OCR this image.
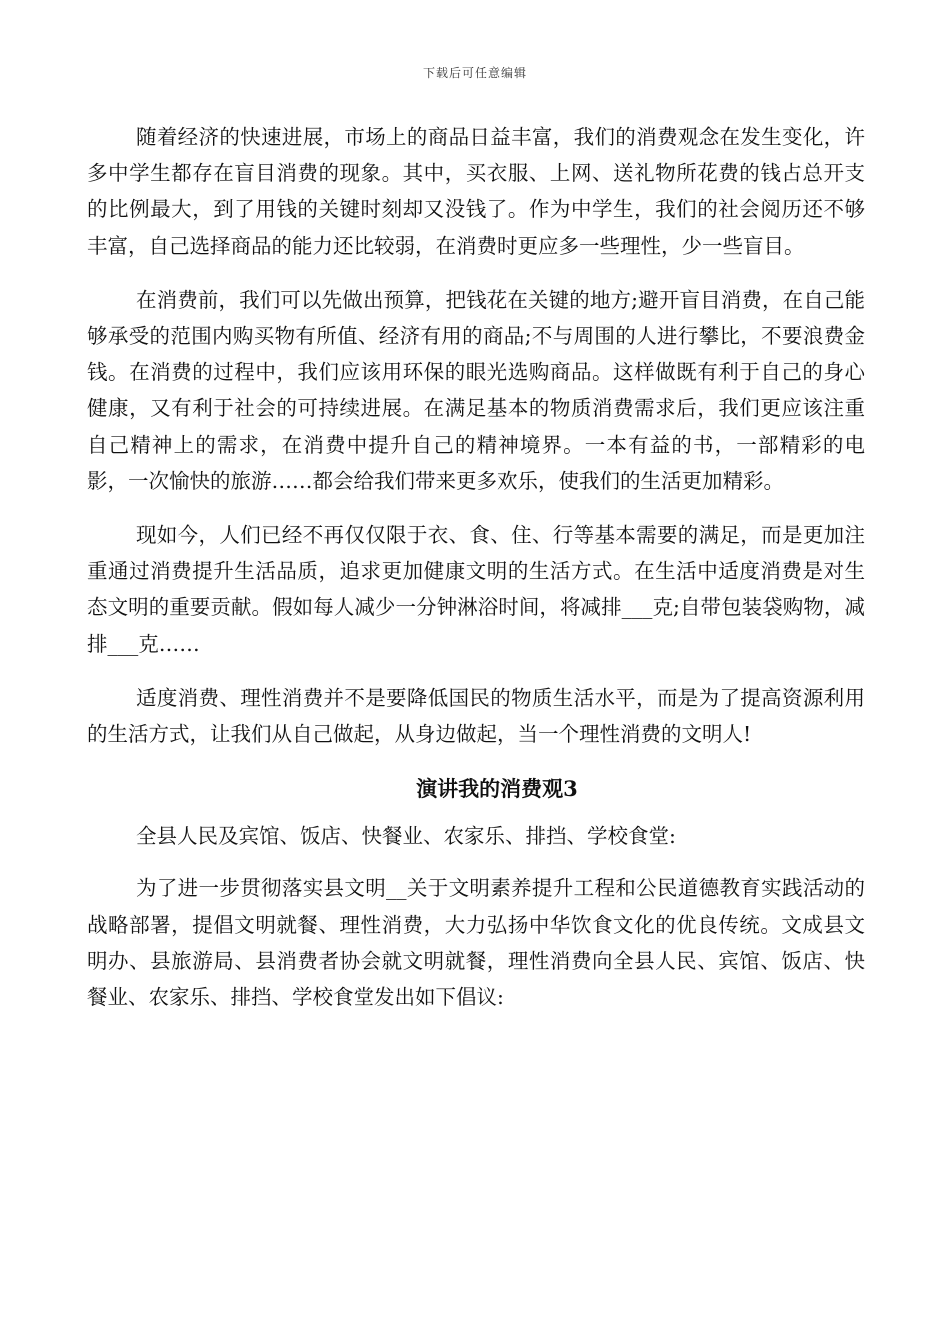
下载后可任意编辑

随着经济的快速进展，市场上的商品日益丰富，我们的消费观念在发生变化，许多中学生都存在盲目消费的现象。其中，买衣服、上网、送礼物所花费的钱占总开支的比例最大，到了用钱的关键时刻却又没钱了。作为中学生，我们的社会阅历还不够丰富，自己选择商品的能力还比较弱，在消费时更应多一些理性，少一些盲目。

在消费前，我们可以先做出预算，把钱花在关键的地方;避开盲目消费，在自己能够承受的范围内购买物有所值、经济有用的商品;不与周围的人进行攀比，不要浪费金钱。在消费的过程中，我们应该用环保的眼光选购商品。这样做既有利于自己的身心健康，又有利于社会的可持续进展。在满足基本的物质消费需求后，我们更应该注重自己精神上的需求，在消费中提升自己的精神境界。一本有益的书，一部精彩的电影，一次愉快的旅游……都会给我们带来更多欢乐，使我们的生活更加精彩。

现如今，人们已经不再仅仅限于衣、食、住、行等基本需要的满足，而是更加注重通过消费提升生活品质，追求更加健康文明的生活方式。在生活中适度消费是对生态文明的重要贡献。假如每人减少一分钟淋浴时间，将减排___克;自带包装袋购物，减排___克……

适度消费、理性消费并不是要降低国民的物质生活水平，而是为了提高资源利用的生活方式，让我们从自己做起，从身边做起，当一个理性消费的文明人!

演讲我的消费观3

全县人民及宾馆、饭店、快餐业、农家乐、排挡、学校食堂:

为了进一步贯彻落实县文明__关于文明素养提升工程和公民道德教育实践活动的战略部署，提倡文明就餐、理性消费，大力弘扬中华饮食文化的优良传统。文成县文明办、县旅游局、县消费者协会就文明就餐，理性消费向全县人民、宾馆、饭店、快餐业、农家乐、排挡、学校食堂发出如下倡议:
